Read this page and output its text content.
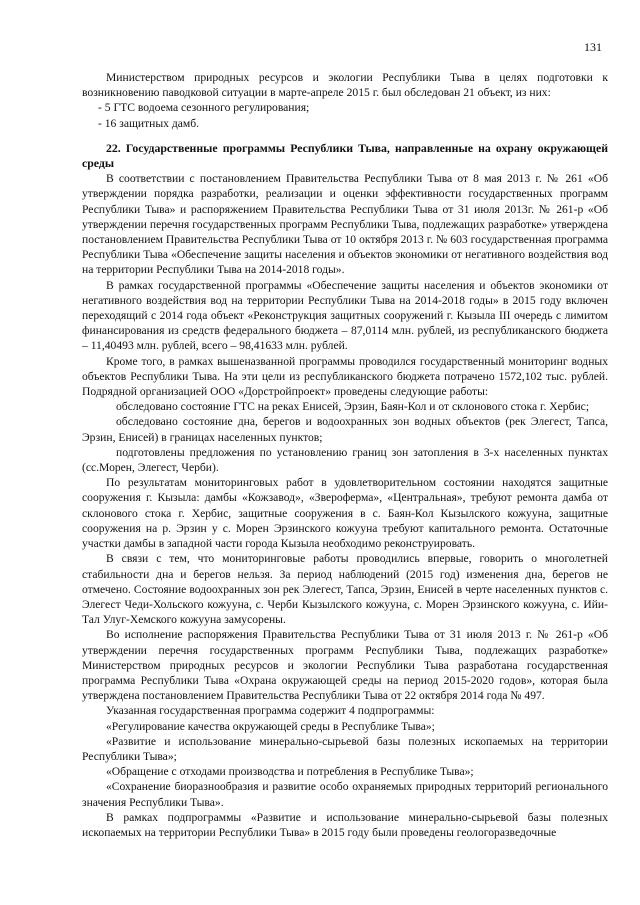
131

Министерством природных ресурсов и экологии Республики Тыва в целях подготовки к возникновению паводковой ситуации в марте-апреле 2015 г. был обследован 21 объект, из них:

- 5 ГТС водоема сезонного регулирования;

- 16 защитных дамб.

22. Государственные программы Республики Тыва, направленные на охрану окружающей среды

В соответствии с постановлением Правительства Республики Тыва от 8 мая 2013 г. № 261 «Об утверждении порядка разработки, реализации и оценки эффективности государственных программ Республики Тыва» и распоряжением Правительства Республики Тыва от 31 июля 2013г. № 261-р «Об утверждении перечня государственных программ Республики Тыва, подлежащих разработке» утверждена постановлением Правительства Республики Тыва от 10 октября 2013 г. № 603 государственная программа Республики Тыва «Обеспечение защиты населения и объектов экономики от негативного воздействия вод на территории Республики Тыва на 2014-2018 годы».

В рамках государственной программы «Обеспечение защиты населения и объектов экономики от негативного воздействия вод на территории Республики Тыва на 2014-2018 годы» в 2015 году включен переходящий с 2014 года объект «Реконструкция защитных сооружений г. Кызыла III очередь с лимитом финансирования из средств федерального бюджета – 87,0114 млн. рублей, из республиканского бюджета – 11,40493 млн. рублей, всего – 98,41633 млн. рублей.

Кроме того, в рамках вышеназванной программы проводился государственный мониторинг водных объектов Республики Тыва. На эти цели из республиканского бюджета потрачено 1572,102 тыс. рублей. Подрядной организацией ООО «Дорстройпроект» проведены следующие работы:

обследовано состояние ГТС на реках Енисей, Эрзин, Баян-Кол и от склонового стока г. Хербис;

обследовано состояние дна, берегов и водоохранных зон водных объектов (рек Элегест, Тапса, Эрзин, Енисей) в границах населенных пунктов;

подготовлены предложения по установлению границ зон затопления в 3-х населенных пунктах (сс.Морен, Элегест, Черби).

По результатам мониторинговых работ в удовлетворительном состоянии находятся защитные сооружения г. Кызыла: дамбы «Кожзавод», «Звероферма», «Центральная», требуют ремонта дамба от склонового стока г. Хербис, защитные сооружения в с. Баян-Кол Кызылского кожууна, защитные сооружения на р. Эрзин у с. Морен Эрзинского кожууна требуют капитального ремонта. Остаточные участки дамбы в западной части города Кызыла необходимо реконструировать.

В связи с тем, что мониторинговые работы проводились впервые, говорить о многолетней стабильности дна и берегов нельзя. За период наблюдений (2015 год) изменения дна, берегов не отмечено. Состояние водоохранных зон рек Элегест, Тапса, Эрзин, Енисей в черте населенных пунктов с. Элегест Чеди-Хольского кожууна, с. Черби Кызылского кожууна, с. Морен Эрзинского кожууна, с. Ийи-Тал Улуг-Хемского кожууна замусорены.

Во исполнение распоряжения Правительства Республики Тыва от 31 июля 2013 г. № 261-р «Об утверждении перечня государственных программ Республики Тыва, подлежащих разработке» Министерством природных ресурсов и экологии Республики Тыва разработана государственная программа Республики Тыва «Охрана окружающей среды на период 2015-2020 годов», которая была утверждена постановлением Правительства Республики Тыва от 22 октября 2014 года № 497.

Указанная государственная программа содержит 4 подпрограммы:

«Регулирование качества окружающей среды в Республике Тыва»;

«Развитие и использование минерально-сырьевой базы полезных ископаемых на территории Республики Тыва»;

«Обращение с отходами производства и потребления в Республике Тыва»;

«Сохранение биоразнообразия и развитие особо охраняемых природных территорий регионального значения Республики Тыва».

В рамках подпрограммы «Развитие и использование минерально-сырьевой базы полезных ископаемых на территории Республики Тыва» в 2015 году были проведены геологоразведочные
